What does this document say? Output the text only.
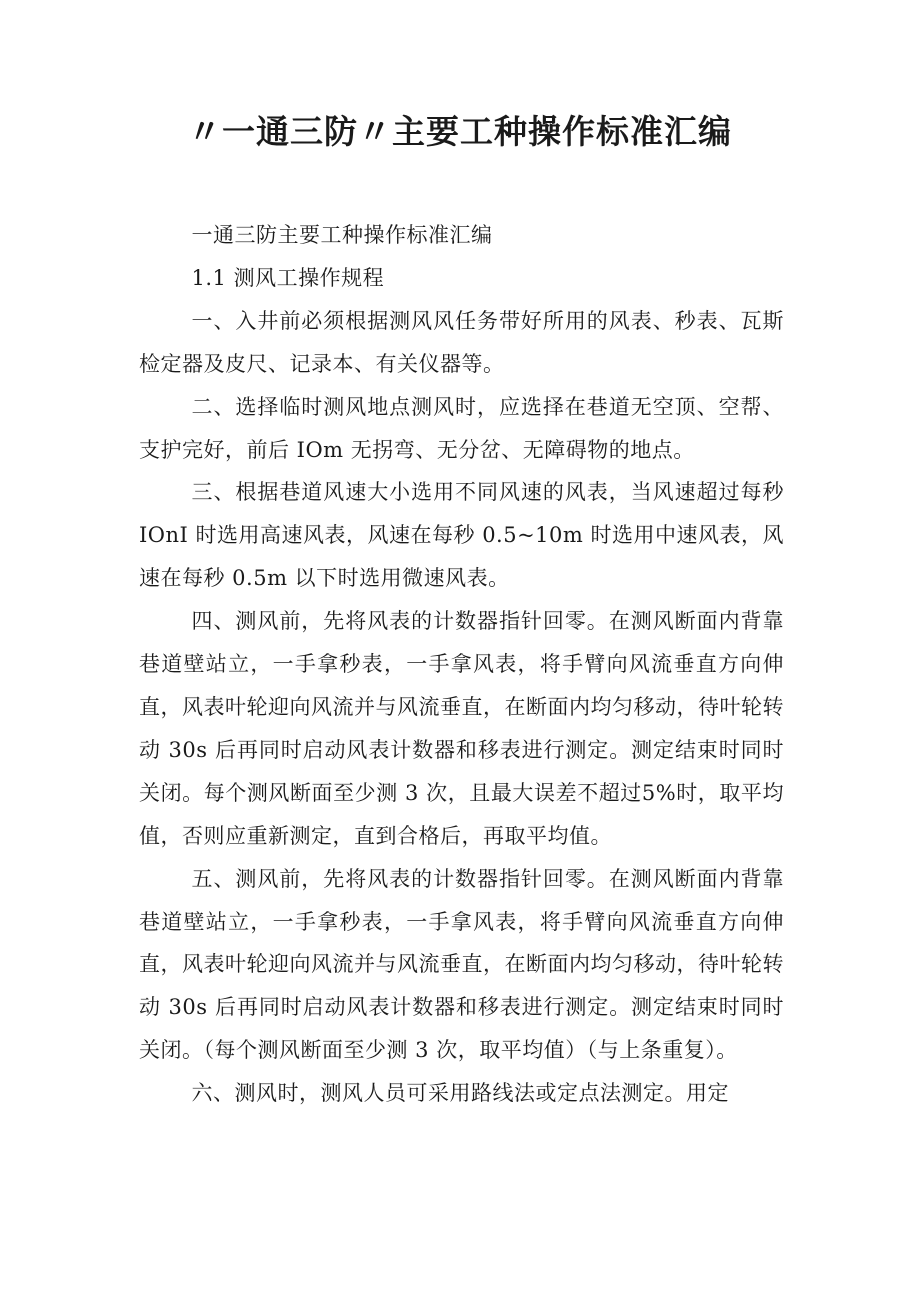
〃一通三防〃主要工种操作标准汇编

一通三防主要工种操作标准汇编

1.1 测风工操作规程

一、入井前必须根据测风风任务带好所用的风表、秒表、瓦斯检定器及皮尺、记录本、有关仪器等。

二、选择临时测风地点测风时，应选择在巷道无空顶、空帮、支护完好，前后 IOm 无拐弯、无分岔、无障碍物的地点。

三、根据巷道风速大小选用不同风速的风表，当风速超过每秒 IOnI 时选用高速风表，风速在每秒 0.5~10m 时选用中速风表，风速在每秒 0.5m 以下时选用微速风表。

四、测风前，先将风表的计数器指针回零。在测风断面内背靠巷道壁站立，一手拿秒表，一手拿风表，将手臂向风流垂直方向伸直，风表叶轮迎向风流并与风流垂直，在断面内均匀移动，待叶轮转动 30s 后再同时启动风表计数器和移表进行测定。测定结束时同时关闭。每个测风断面至少测 3 次，且最大误差不超过5%时，取平均值，否则应重新测定，直到合格后，再取平均值。

五、测风前，先将风表的计数器指针回零。在测风断面内背靠巷道壁站立，一手拿秒表，一手拿风表，将手臂向风流垂直方向伸直，风表叶轮迎向风流并与风流垂直，在断面内均匀移动，待叶轮转动 30s 后再同时启动风表计数器和移表进行测定。测定结束时同时关闭。（每个测风断面至少测 3 次，取平均值）（与上条重复）。

六、测风时，测风人员可采用路线法或定点法测定。用定
